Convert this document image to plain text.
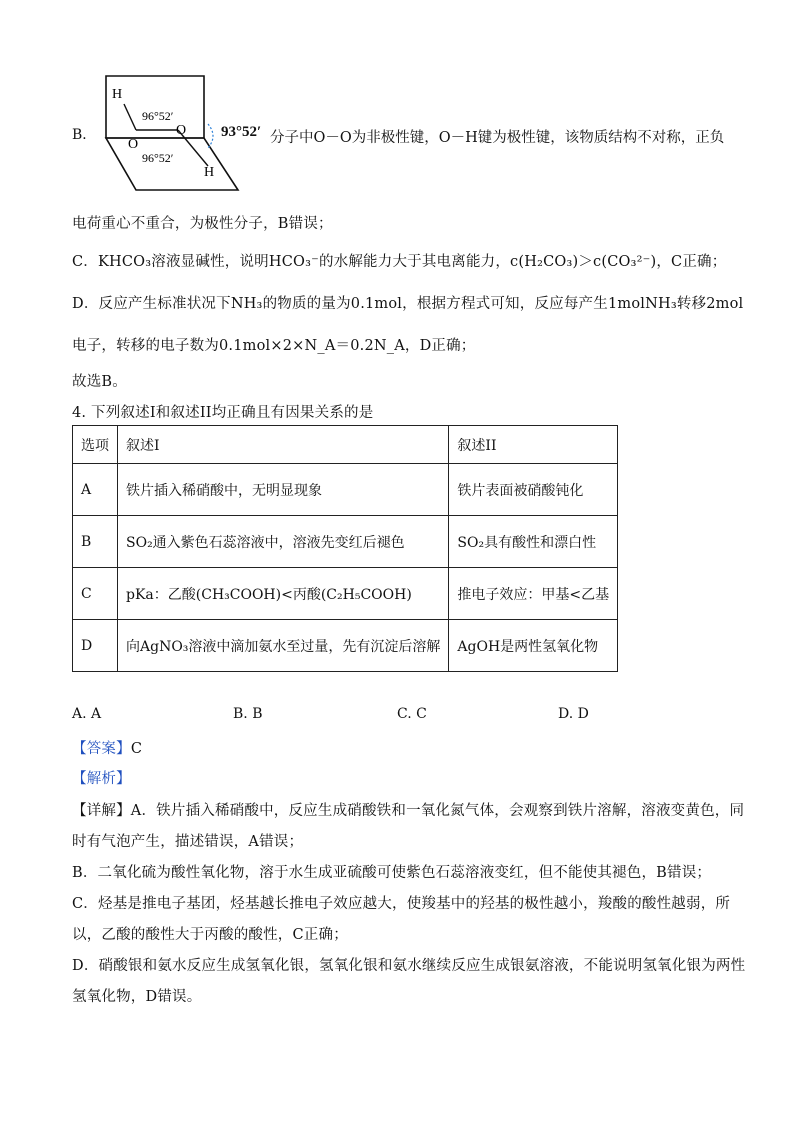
B．
H
96°52′
O
O
96°52′
H
93°52′ 分子中O－O为非极性键，O－H键为极性键，该物质结构不对称，正负
电荷重心不重合，为极性分子，B错误；
C．KHCO₃溶液显碱性，说明HCO₃⁻的水解能力大于其电离能力，c(H₂CO₃)＞c(CO₃²⁻)，C正确；
D．反应产生标准状况下NH₃的物质的量为0.1mol，根据方程式可知，反应每产生1molNH₃转移2mol
电子，转移的电子数为0.1mol×2×N_A＝0.2N_A，D正确；
故选B。
4. 下列叙述I和叙述II均正确且有因果关系的是
选项	叙述I	叙述II
A	铁片插入稀硝酸中，无明显现象	铁片表面被硝酸钝化
B	SO₂通入紫色石蕊溶液中，溶液先变红后褪色	SO₂具有酸性和漂白性
C	pKa：乙酸(CH₃COOH)<丙酸(C₂H₅COOH)	推电子效应：甲基<乙基
D	向AgNO₃溶液中滴加氨水至过量，先有沉淀后溶解	AgOH是两性氢氧化物
A. A	B. B	C. C	D. D
【答案】C
【解析】
【详解】A．铁片插入稀硝酸中，反应生成硝酸铁和一氧化氮气体，会观察到铁片溶解，溶液变黄色，同
时有气泡产生，描述错误，A错误；
B．二氧化硫为酸性氧化物，溶于水生成亚硫酸可使紫色石蕊溶液变红，但不能使其褪色，B错误；
C．烃基是推电子基团，烃基越长推电子效应越大，使羧基中的羟基的极性越小，羧酸的酸性越弱，所
以，乙酸的酸性大于丙酸的酸性，C正确；
D．硝酸银和氨水反应生成氢氧化银，氢氧化银和氨水继续反应生成银氨溶液，不能说明氢氧化银为两性
氢氧化物，D错误。
